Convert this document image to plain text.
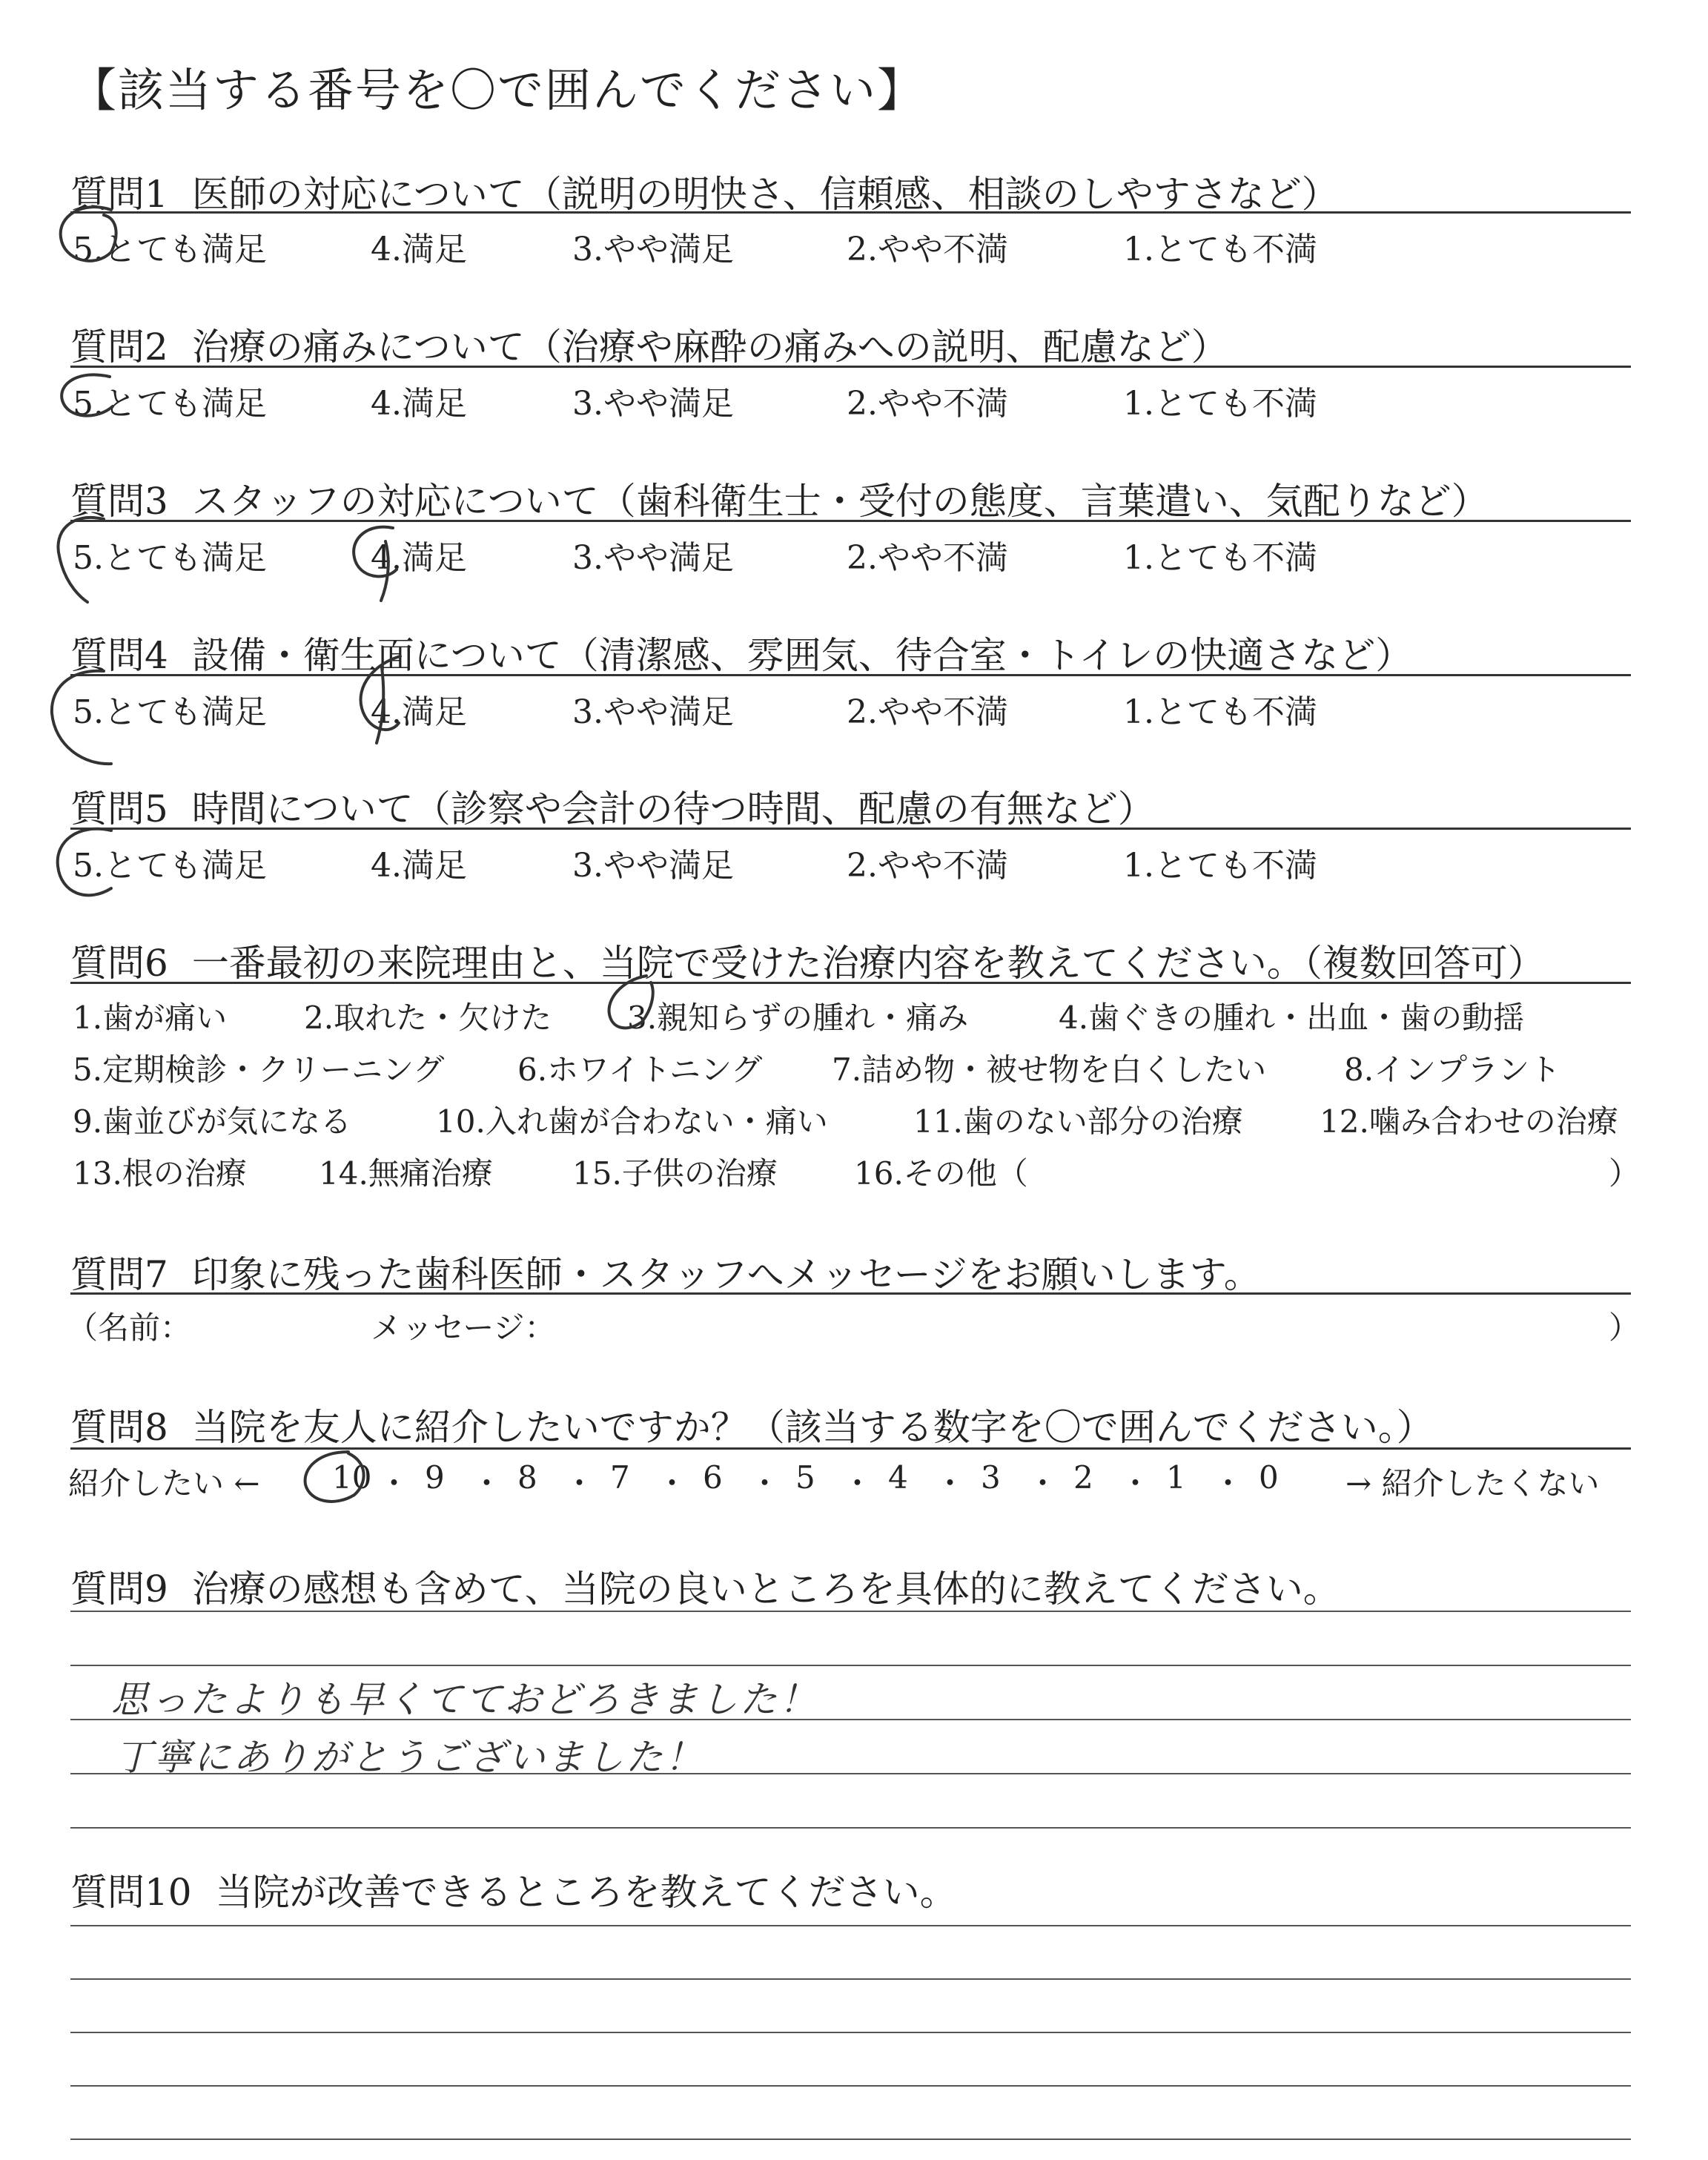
【該当する番号を〇で囲んでください】
質問1 医師の対応について（説明の明快さ、信頼感、相談のしやすさなど）
5.とても満足	4.満足	3.やや満足	2.やや不満	1.とても不満
質問2 治療の痛みについて（治療や麻酔の痛みへの説明、配慮など）
5.とても満足	4.満足	3.やや満足	2.やや不満	1.とても不満
質問3 スタッフの対応について（歯科衛生士・受付の態度、言葉遣い、気配りなど）
5.とても満足	4.満足	3.やや満足	2.やや不満	1.とても不満
質問4 設備・衛生面について（清潔感、雰囲気、待合室・トイレの快適さなど）
5.とても満足	4.満足	3.やや満足	2.やや不満	1.とても不満
質問5 時間について（診察や会計の待つ時間、配慮の有無など）
5.とても満足	4.満足	3.やや満足	2.やや不満	1.とても不満
質問6 一番最初の来院理由と、当院で受けた治療内容を教えてください。（複数回答可）
1.歯が痛い 2.取れた・欠けた 3.親知らずの腫れ・痛み	4.歯ぐきの腫れ・出血・歯の動揺
5.定期検診・クリーニング 6.ホワイトニング 7.詰め物・被せ物を白くしたい 8.インプラント
9.歯並びが気になる	10.入れ歯が合わない・痛い	11.歯のない部分の治療 12.噛み合わせの治療
13.根の治療 14.無痛治療	15.子供の治療 16.その他（	）
質問7 印象に残った歯科医師・スタッフへメッセージをお願いします。
（名前：	メッセージ：	）
質問8 当院を友人に紹介したいですか？（該当する数字を〇で囲んでください。）
紹介したい ← 10 ・ 9 ・ 8 ・ 7 ・ 6 ・ 5 ・ 4 ・ 3 ・ 2 ・ 1 ・ 0 → 紹介したくない
質問9 治療の感想も含めて、当院の良いところを具体的に教えてください。
思ったよりも早くてておどろきました！
丁寧にありがとうございました！
質問10 当院が改善できるところを教えてください。
